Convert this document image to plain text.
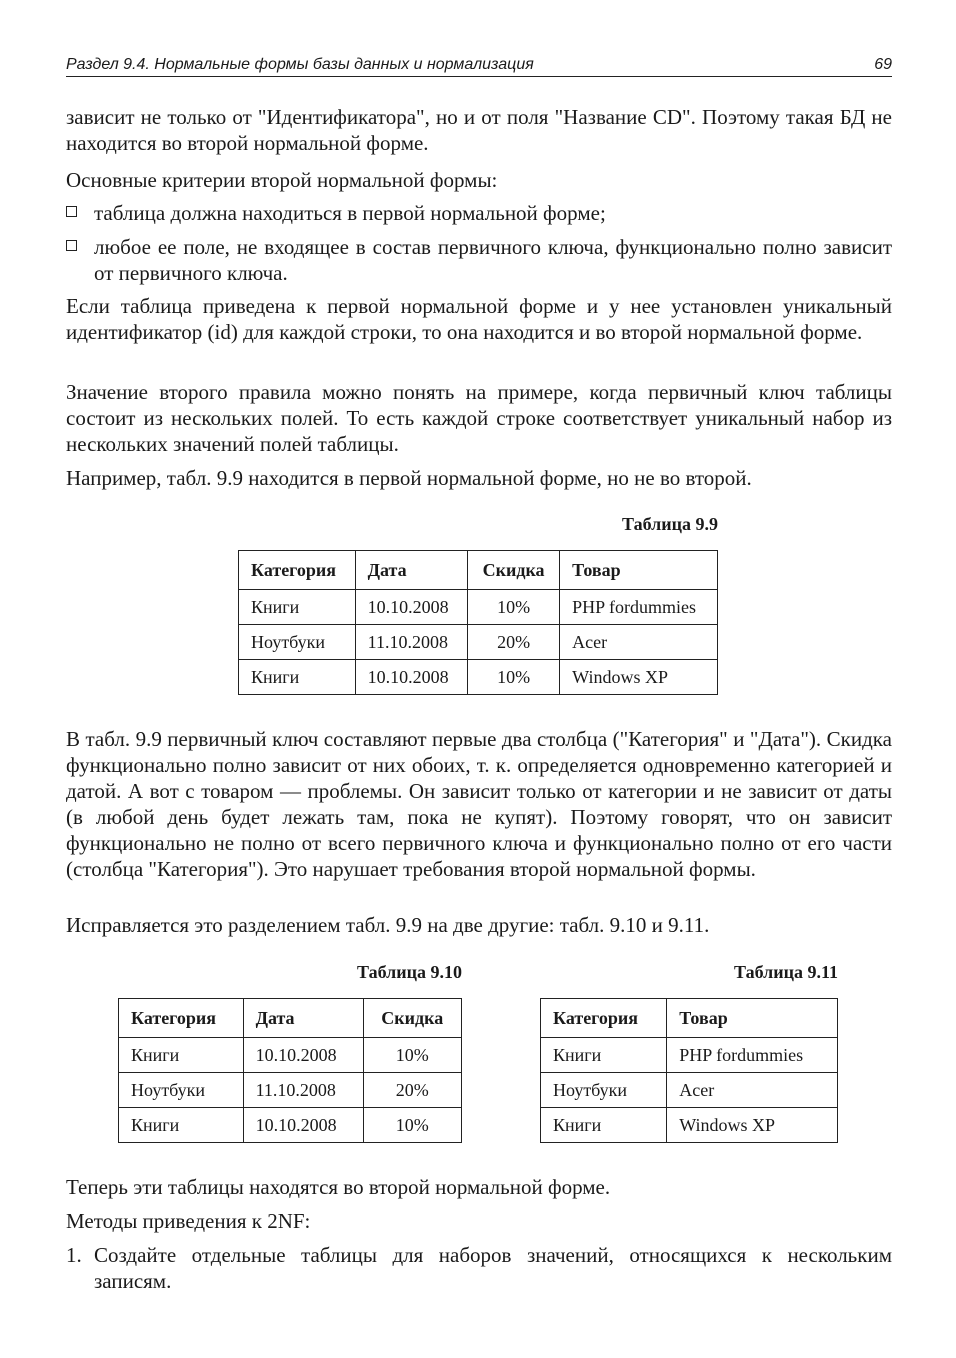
Раздел 9.4. Нормальные формы базы данных и нормализация	69

зависит не только от "Идентификатора", но и от поля "Название CD". Поэтому такая БД не находится во второй нормальной форме.

Основные критерии второй нормальной формы:

таблица должна находиться в первой нормальной форме;
любое ее поле, не входящее в состав первичного ключа, функционально полно зависит от первичного ключа.

Если таблица приведена к первой нормальной форме и у нее установлен уникальный идентификатор (id) для каждой строки, то она находится и во второй нормальной форме.

Значение второго правила можно понять на примере, когда первичный ключ таблицы состоит из нескольких полей. То есть каждой строке соответствует уникальный набор из нескольких значений полей таблицы.

Например, табл. 9.9 находится в первой нормальной форме, но не во второй.

Таблица 9.9
Категория	Дата	Скидка	Товар
Книги	10.10.2008	10%	PHP fordummies
Ноутбуки	11.10.2008	20%	Acer
Книги	10.10.2008	10%	Windows XP

В табл. 9.9 первичный ключ составляют первые два столбца ("Категория" и "Дата"). Скидка функционально полно зависит от них обоих, т. к. определяется одновременно категорией и датой. А вот с товаром — проблемы. Он зависит только от категории и не зависит от даты (в любой день будет лежать там, пока не купят). Поэтому говорят, что он зависит функционально не полно от всего первичного ключа и функционально полно от его части (столбца "Категория"). Это нарушает требования второй нормальной формы.

Исправляется это разделением табл. 9.9 на две другие: табл. 9.10 и 9.11.

Таблица 9.10
Категория	Дата	Скидка
Книги	10.10.2008	10%
Ноутбуки	11.10.2008	20%
Книги	10.10.2008	10%
Таблица 9.11
Категория	Товар
Книги	PHP fordummies
Ноутбуки	Acer
Книги	Windows XP

Теперь эти таблицы находятся во второй нормальной форме.

Методы приведения к 2NF:

1. Создайте отдельные таблицы для наборов значений, относящихся к нескольким записям.
